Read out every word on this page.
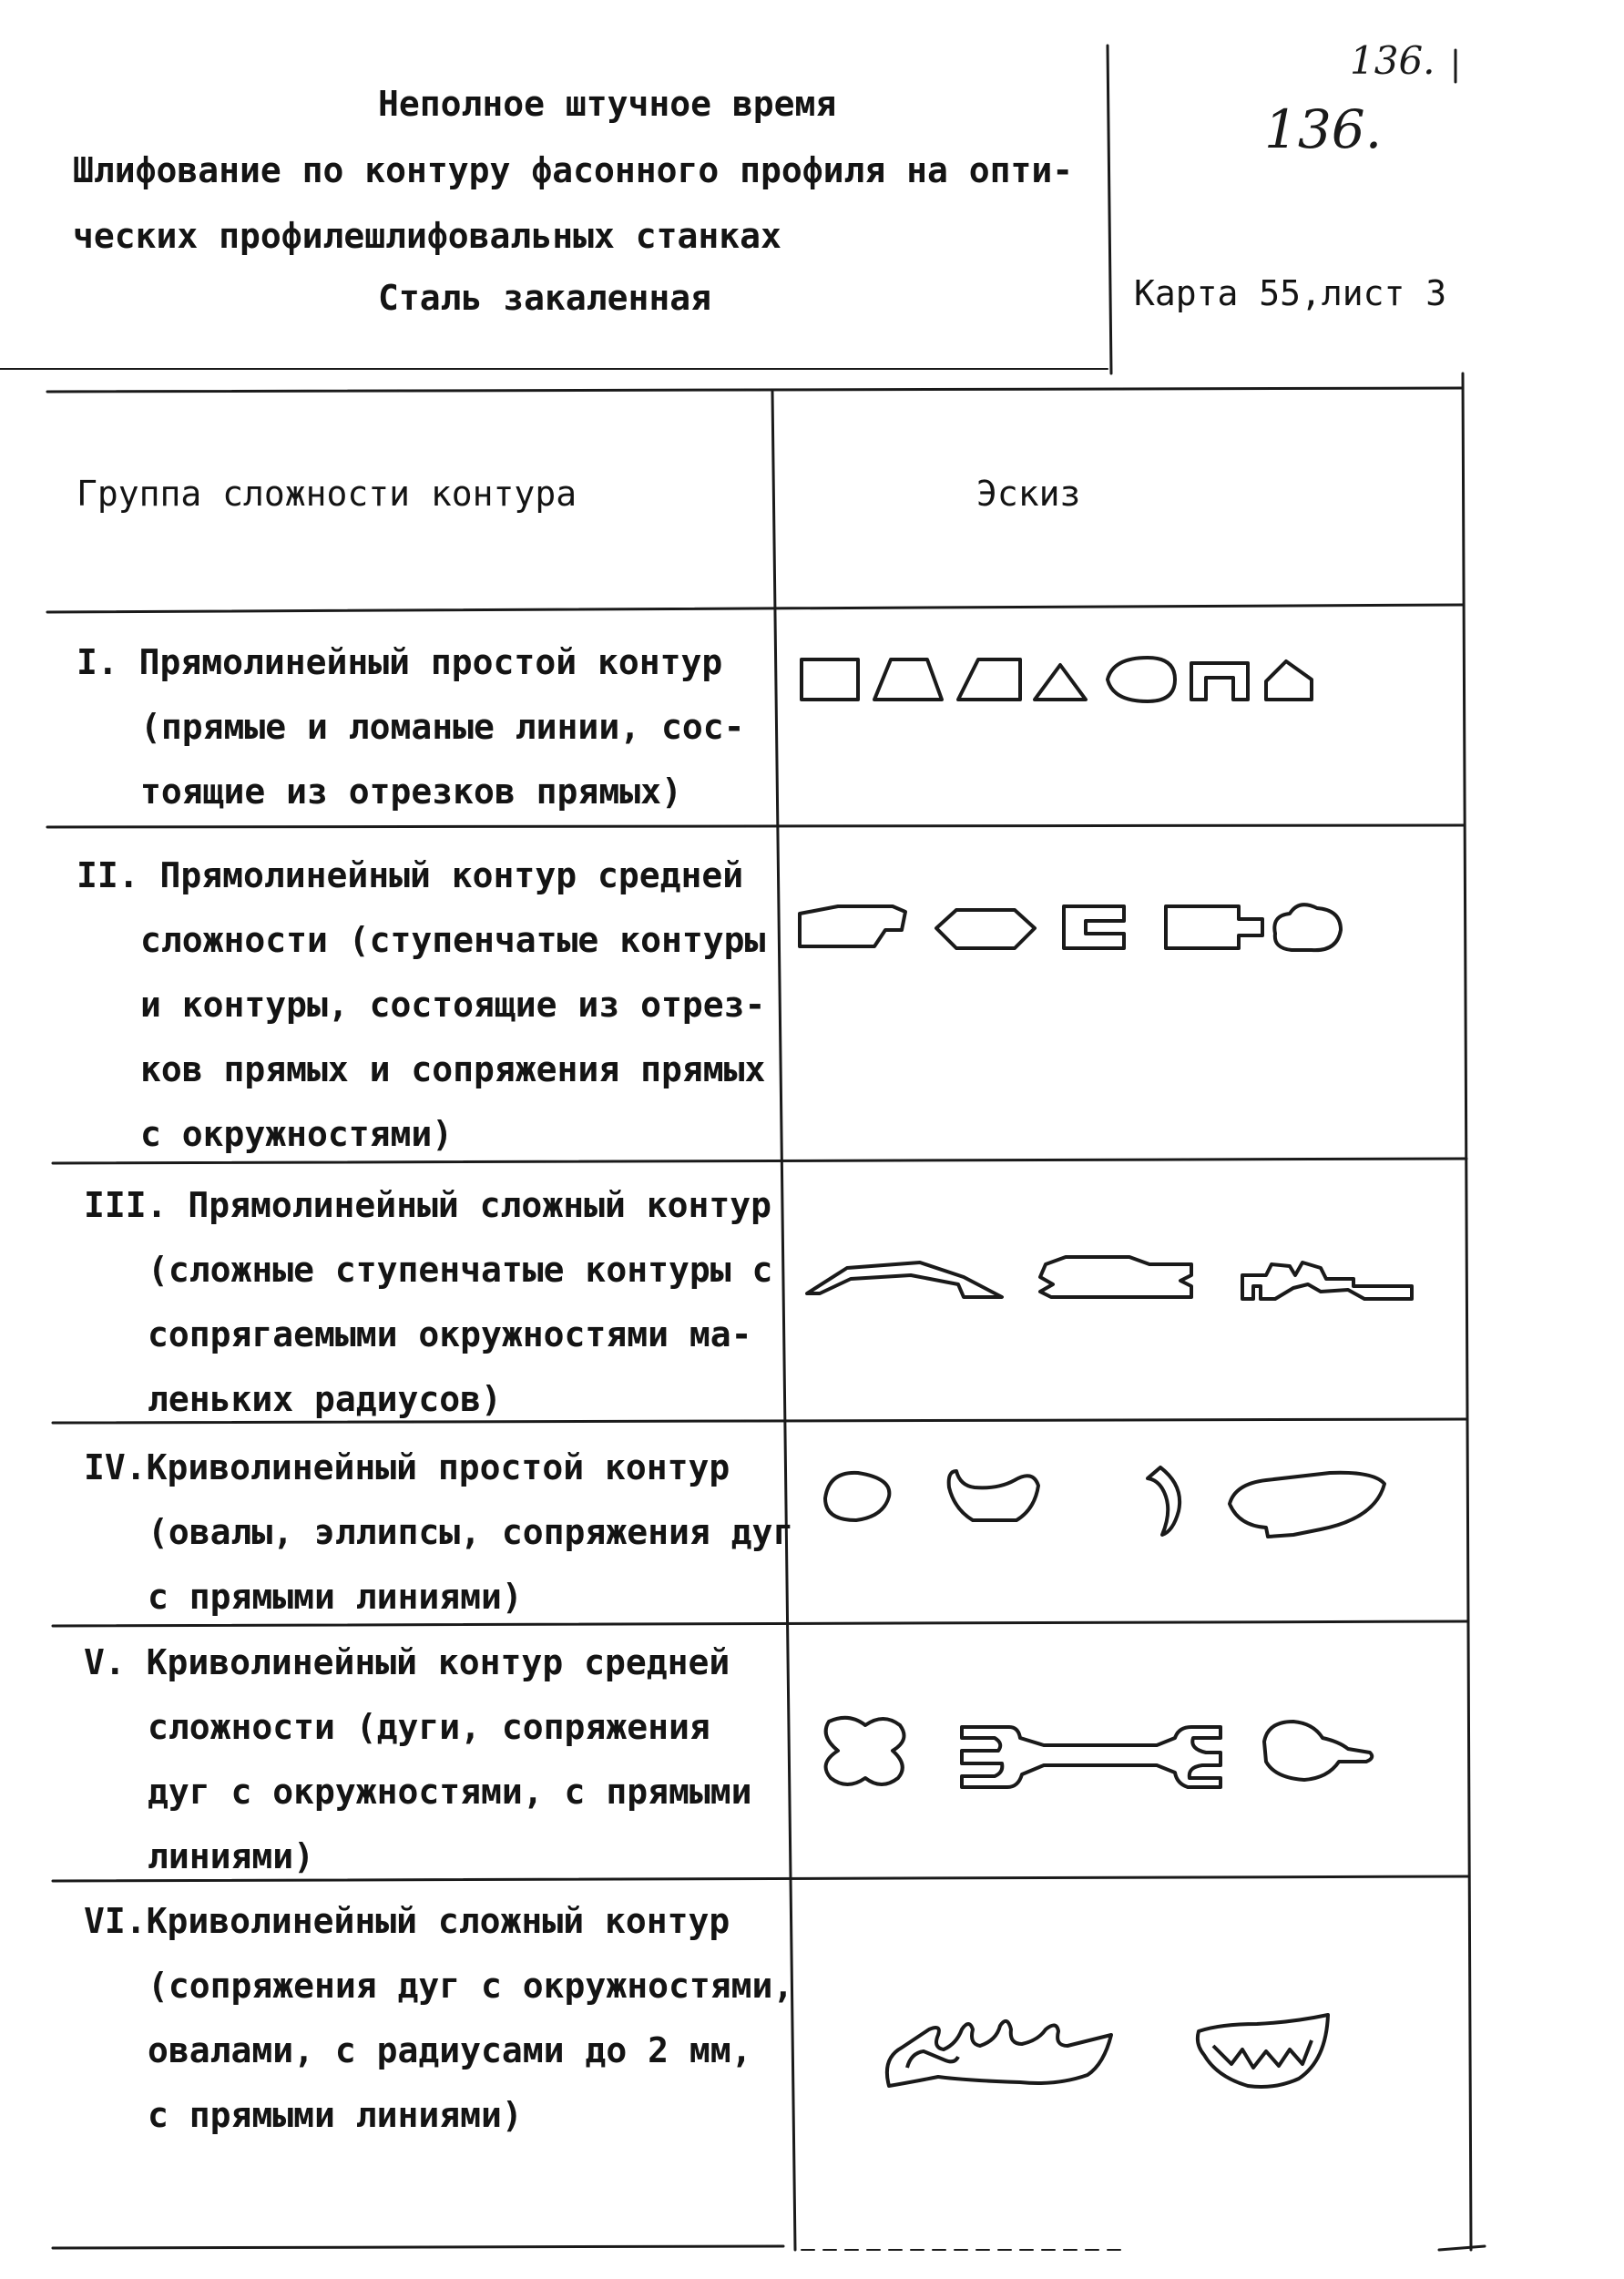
136.
136.
Неполное штучное время
Шлифование по контуру фасонного профиля на опти-
ческих профилешлифовальных станках
Сталь закаленная	Карта 55,лист 3
Группа сложности контура	Эскиз
I. Прямолинейный простой контур
(прямые и ломаные линии, сос-
тоящие из отрезков прямых)
II. Прямолинейный контур средней
сложности (ступенчатые контуры
и контуры, состоящие из отрез-
ков прямых и сопряжения прямых
с окружностями)
III. Прямолинейный сложный контур
(сложные ступенчатые контуры с
сопрягаемыми окружностями ма-
леньких радиусов)
IV.Криволинейный простой контур
(овалы, эллипсы, сопряжения дуг
с прямыми линиями)
V. Криволинейный контур средней
сложности (дуги, сопряжения
дуг с окружностями, с прямыми
линиями)
VI.Криволинейный сложный контур
(сопряжения дуг с окружностями,
овалами, с радиусами до 2 мм,
с прямыми линиями)
